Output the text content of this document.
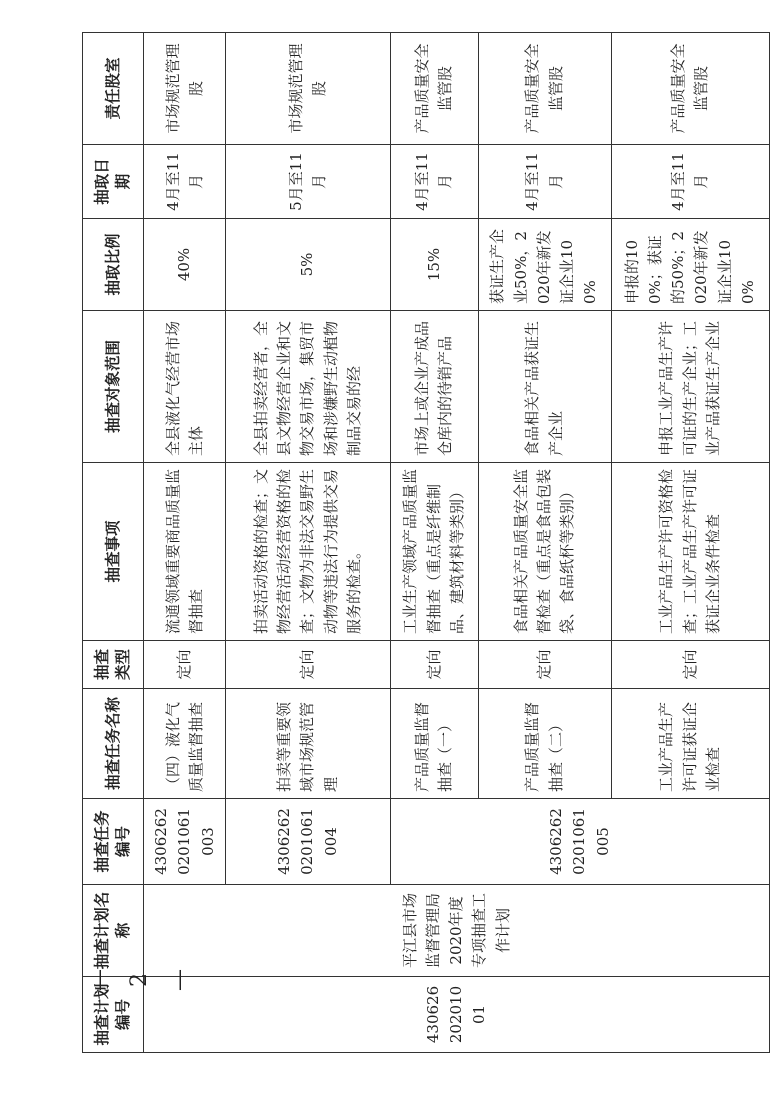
抽查计划编号	抽查计划名称	抽查任务编号	抽查任务名称	抽查类型	抽查事项	抽查对象范围	抽取比例	抽取日期	责任股室
43062620201001	平江县市场监督管理局2020年度专项抽查工作计划	43062620201061003	（四）液化气质量监督抽查	定向	流通领域重要商品质量监督抽查	全县液化气经营市场主体	40%	4月至11月	市场规范管理股
		43062620201061004	拍卖等重要领域市场规范管理	定向	拍卖活动资格的检查；文物经营活动经营资格的检查；文物为非法交易野生动物等违法行为提供交易服务的检查。	全县拍卖经营者，全县文物经营企业和文物交易市场，集贸市场和涉嫌野生动植物制品交易的经	5%	5月至11月	市场规范管理股
		43062620201061005	产品质量监督抽查（一）	定向	工业生产领域产品质量监督抽查（重点是纤维制品、建筑材料等类别）	市场上或企业产成品仓库内的待销产品	15%	4月至11月	产品质量安全监管股
			产品质量监督抽查（二）	定向	食品相关产品质量安全监督检查（重点是食品包装袋、食品纸杯等类别）	食品相关产品获证生产企业	获证生产企业50%，2020年新发证企业100%	4月至11月	产品质量安全监管股
			工业产品生产许可证获证企业检查	定向	工业产品生产许可资格检查；工业产品生产许可证获证企业条件检查	申报工业产品生产许可证的生产企业；工业产品获证生产企业	申报的100%；获证的50%；2020年新发证企业100%	4月至11月	产品质量安全监管股
— 2 —
